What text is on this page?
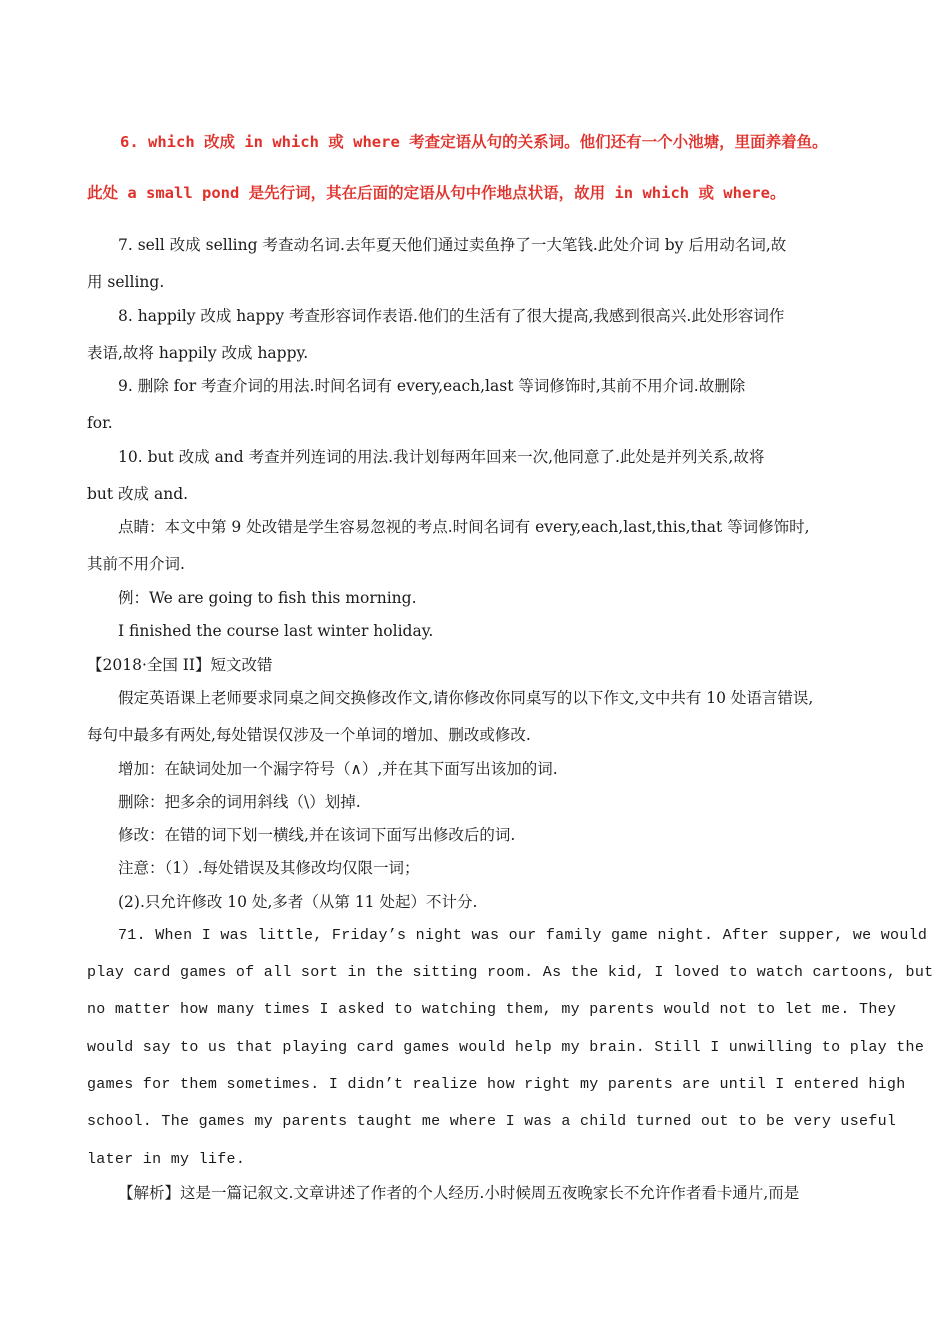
6. which 改成 in which 或 where 考查定语从句的关系词。他们还有一个小池塘，里面养着鱼。
此处 a small pond 是先行词，其在后面的定语从句中作地点状语，故用 in which 或 where。
7. sell 改成 selling 考查动名词.去年夏天他们通过卖鱼挣了一大笔钱.此处介词 by 后用动名词,故
用 selling.
8. happily 改成 happy 考查形容词作表语.他们的生活有了很大提高,我感到很高兴.此处形容词作
表语,故将 happily 改成 happy.
9. 删除 for 考查介词的用法.时间名词有 every,each,last 等词修饰时,其前不用介词.故删除
for.
10. but 改成 and 考查并列连词的用法.我计划每两年回来一次,他同意了.此处是并列关系,故将
but 改成 and.
点睛：本文中第 9 处改错是学生容易忽视的考点.时间名词有 every,each,last,this,that 等词修饰时,
其前不用介词.
例：We are going to fish this morning.
I finished the course last winter holiday.
【2018·全国 II】短文改错
假定英语课上老师要求同桌之间交换修改作文,请你修改你同桌写的以下作文,文中共有 10 处语言错误,
每句中最多有两处,每处错误仅涉及一个单词的增加、删改或修改.
增加：在缺词处加一个漏字符号（∧）,并在其下面写出该加的词.
删除：把多余的词用斜线（\）划掉.
修改：在错的词下划一横线,并在该词下面写出修改后的词.
注意：（1）.每处错误及其修改均仅限一词；
(2).只允许修改 10 处,多者（从第 11 处起）不计分.
71. When I was little, Friday’s night was our family game night. After supper, we would
play card games of all sort in the sitting room. As the kid, I loved to watch cartoons, but
no matter how many times I asked to watching them, my parents would not to let me. They
would say to us that playing card games would help my brain. Still I unwilling to play the
games for them sometimes. I didn’t realize how right my parents are until I entered high
school. The games my parents taught me where I was a child turned out to be very useful
later in my life.
【解析】这是一篇记叙文.文章讲述了作者的个人经历.小时候周五夜晚家长不允许作者看卡通片,而是
